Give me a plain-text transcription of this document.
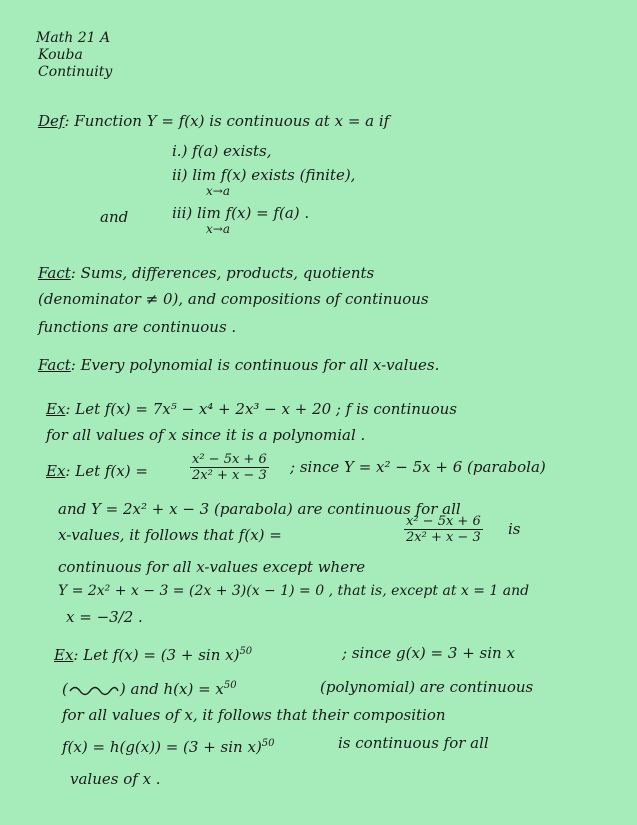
Math 21 A
Kouba
Continuity
Def: Function Y = f(x) is continuous at x = a if
i.) f(a) exists,
ii) lim f(x) exists (finite),
x→a
and	iii) lim f(x) = f(a) .
x→a
Fact: Sums, differences, products, quotients
(denominator ≠ 0), and compositions of continuous
functions are continuous .
Fact: Every polynomial is continuous for all x-values.
Ex: Let f(x) = 7x⁵ − x⁴ + 2x³ − x + 20 ; f is continuous
for all values of x since it is a polynomial .
Ex: Let f(x) =	$\frac{\text{x² − 5x + 6}}{\text{2x² + x − 3}}$ ; since Y = x² − 5x + 6 (parabola)
and Y = 2x² + x − 3 (parabola) are continuous for all
x-values, it follows that f(x) =	$\frac{\text{x² − 5x + 6}}{\text{2x² + x − 3}}$ is
continuous for all x-values except where
Y = 2x² + x − 3 = (2x + 3)(x − 1) = 0 , that is, except at x = 1 and
x = −3/2 .
Ex: Let $f(x) = (3 + \sin x)^{50}$	; since g(x) = 3 + sin x
(	) and $h(x) = x^{50}$	(polynomial) are continuous
for all values of x, it follows that their composition
$f(x) = h(g(x)) = (3 + \sin x)^{50}$	is continuous for all
values of x .
